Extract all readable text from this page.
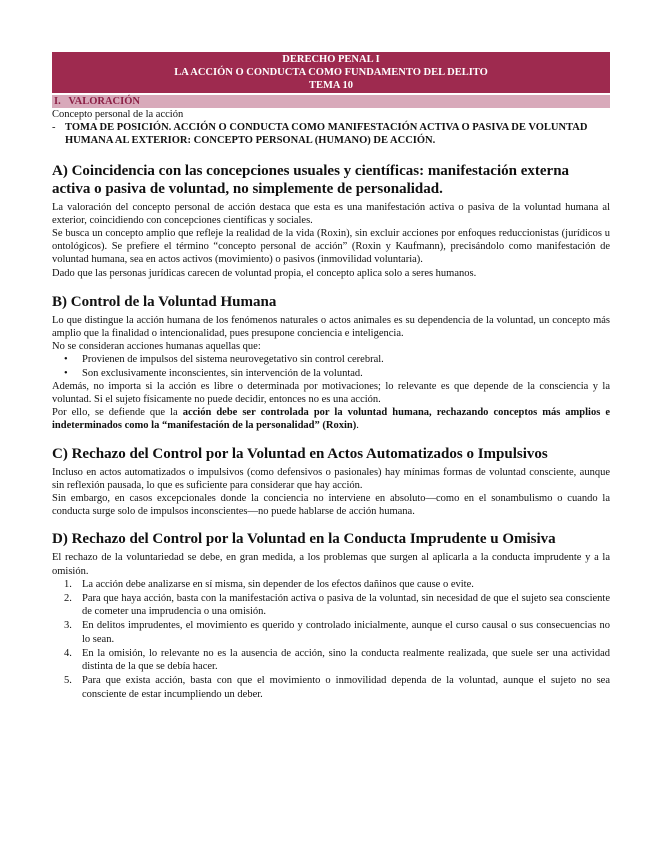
DERECHO PENAL I
LA ACCIÓN O CONDUCTA COMO FUNDAMENTO DEL DELITO
TEMA 10
I.   VALORACIÓN

Concepto personal de la acción

- TOMA DE POSICIÓN. ACCIÓN O CONDUCTA COMO MANIFESTACIÓN ACTIVA O PASIVA DE VOLUNTAD HUMANA AL EXTERIOR: CONCEPTO PERSONAL (HUMANO) DE ACCIÓN.

A) Coincidencia con las concepciones usuales y científicas: manifestación externa activa o pasiva de voluntad, no simplemente de personalidad.

La valoración del concepto personal de acción destaca que esta es una manifestación activa o pasiva de la voluntad humana al exterior, coincidiendo con concepciones científicas y sociales.

Se busca un concepto amplio que refleje la realidad de la vida (Roxin), sin excluir acciones por enfoques reduccionistas (jurídicos u ontológicos). Se prefiere el término “concepto personal de acción” (Roxin y Kaufmann), precisándolo como manifestación de voluntad humana, sea en actos activos (movimiento) o pasivos (inmovilidad voluntaria).

Dado que las personas jurídicas carecen de voluntad propia, el concepto aplica solo a seres humanos.

B) Control de la Voluntad Humana

Lo que distingue la acción humana de los fenómenos naturales o actos animales es su dependencia de la voluntad, un concepto más amplio que la finalidad o intencionalidad, pues presupone conciencia e inteligencia.

No se consideran acciones humanas aquellas que:

• Provienen de impulsos del sistema neurovegetativo sin control cerebral.
• Son exclusivamente inconscientes, sin intervención de la voluntad.

Además, no importa si la acción es libre o determinada por motivaciones; lo relevante es que depende de la consciencia y la voluntad. Si el sujeto físicamente no puede decidir, entonces no es una acción.

Por ello, se defiende que la acción debe ser controlada por la voluntad humana, rechazando conceptos más amplios e indeterminados como la “manifestación de la personalidad” (Roxin).

C) Rechazo del Control por la Voluntad en Actos Automatizados o Impulsivos

Incluso en actos automatizados o impulsivos (como defensivos o pasionales) hay mínimas formas de voluntad consciente, aunque sin reflexión pausada, lo que es suficiente para considerar que hay acción.

Sin embargo, en casos excepcionales donde la conciencia no interviene en absoluto—como en el sonambulismo o cuando la conducta surge solo de impulsos inconscientes—no puede hablarse de acción humana.

D) Rechazo del Control por la Voluntad en la Conducta Imprudente u Omisiva

El rechazo de la voluntariedad se debe, en gran medida, a los problemas que surgen al aplicarla a la conducta imprudente y a la omisión.

1. La acción debe analizarse en sí misma, sin depender de los efectos dañinos que cause o evite.
2. Para que haya acción, basta con la manifestación activa o pasiva de la voluntad, sin necesidad de que el sujeto sea consciente de cometer una imprudencia o una omisión.
3. En delitos imprudentes, el movimiento es querido y controlado inicialmente, aunque el curso causal o sus consecuencias no lo sean.
4. En la omisión, lo relevante no es la ausencia de acción, sino la conducta realmente realizada, que suele ser una actividad distinta de la que se debía hacer.
5. Para que exista acción, basta con que el movimiento o inmovilidad dependa de la voluntad, aunque el sujeto no sea consciente de estar incumpliendo un deber.
